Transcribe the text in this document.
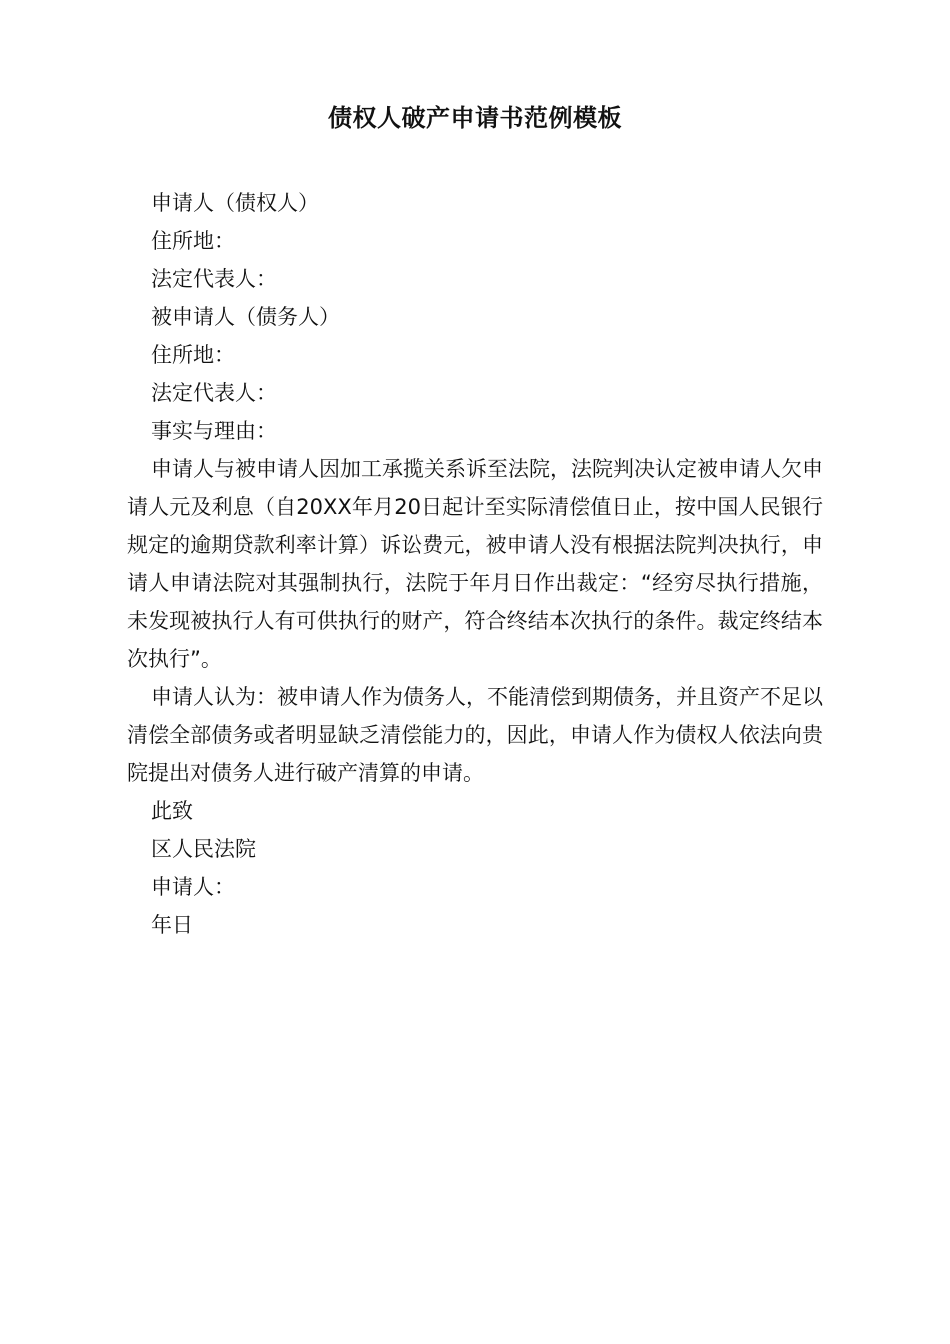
债权人破产申请书范例模板

申请人（债权人）

住所地：

法定代表人：

被申请人（债务人）

住所地：

法定代表人：

事实与理由：

申请人与被申请人因加工承揽关系诉至法院，法院判决认定被申请人欠申请人元及利息（自20XX年月20日起计至实际清偿值日止，按中国人民银行规定的逾期贷款利率计算）诉讼费元，被申请人没有根据法院判决执行，申请人申请法院对其强制执行，法院于年月日作出裁定：“经穷尽执行措施，未发现被执行人有可供执行的财产，符合终结本次执行的条件。裁定终结本次执行”。

申请人认为：被申请人作为债务人，不能清偿到期债务，并且资产不足以清偿全部债务或者明显缺乏清偿能力的，因此，申请人作为债权人依法向贵院提出对债务人进行破产清算的申请。

此致

区人民法院

申请人：

年日
